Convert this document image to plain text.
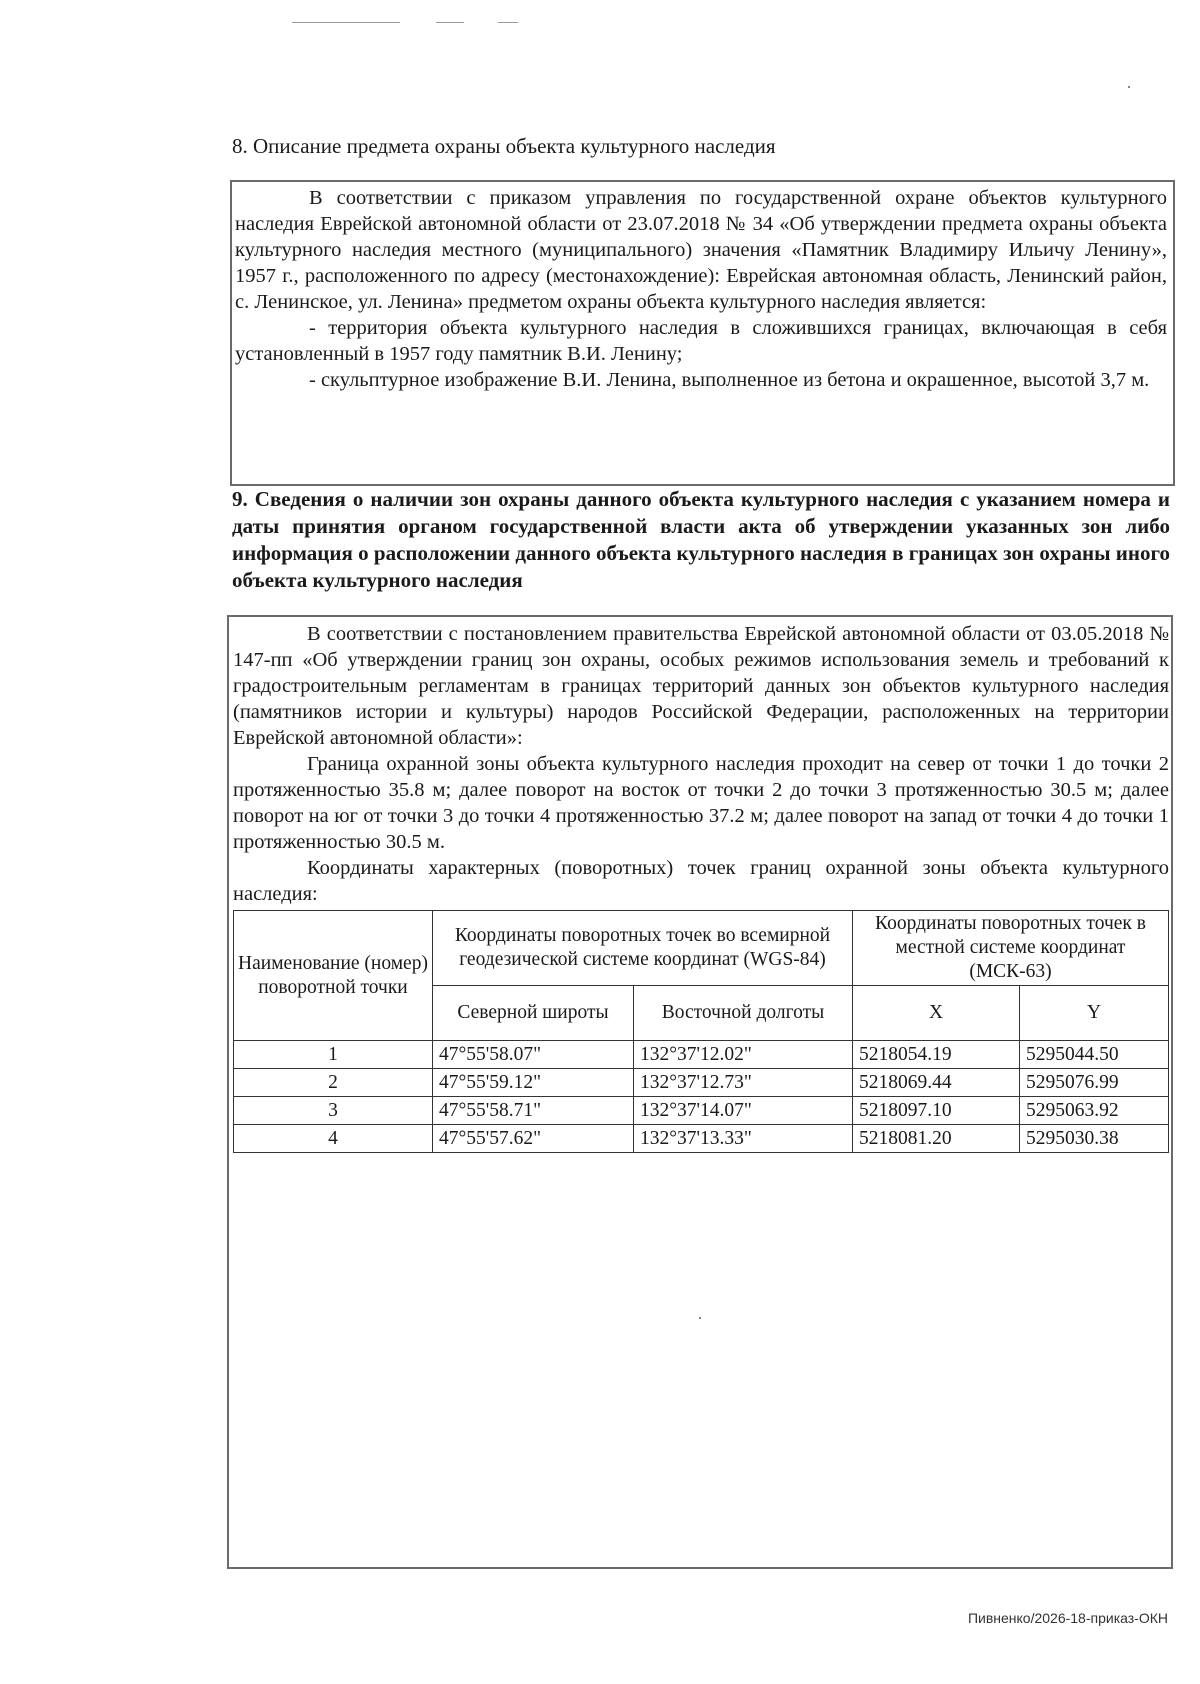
8. Описание предмета охраны объекта культурного наследия

В соответствии с приказом управления по государственной охране объектов культурного наследия Еврейской автономной области от 23.07.2018 № 34 «Об утверждении предмета охраны объекта культурного наследия местного (муниципального) значения «Памятник Владимиру Ильичу Ленину», 1957 г., расположенного по адресу (местонахождение): Еврейская автономная область, Ленинский район, с. Ленинское, ул. Ленина» предметом охраны объекта культурного наследия является:

- территория объекта культурного наследия в сложившихся границах, включающая в себя установленный в 1957 году памятник В.И. Ленину;

- скульптурное изображение В.И. Ленина, выполненное из бетона и окрашенное, высотой 3,7 м.

9. Сведения о наличии зон охраны данного объекта культурного наследия с указанием номера и даты принятия органом государственной власти акта об утверждении указанных зон либо информация о расположении данного объекта культурного наследия в границах зон охраны иного объекта культурного наследия

В соответствии с постановлением правительства Еврейской автономной области от 03.05.2018 № 147-пп «Об утверждении границ зон охраны, особых режимов использования земель и требований к градостроительным регламентам в границах территорий данных зон объектов культурного наследия (памятников истории и культуры) народов Российской Федерации, расположенных на территории Еврейской автономной области»:

Граница охранной зоны объекта культурного наследия проходит на север от точки 1 до точки 2 протяженностью 35.8 м; далее поворот на восток от точки 2 до точки 3 протяженностью 30.5 м; далее поворот на юг от точки 3 до точки 4 протяженностью 37.2 м; далее поворот на запад от точки 4 до точки 1 протяженностью 30.5 м.

Координаты характерных (поворотных) точек границ охранной зоны объекта культурного наследия:

Наименование (номер) поворотной точки	Координаты поворотных точек во всемирной геодезической системе координат (WGS-84)		Координаты поворотных точек в местной системе координат (МСК-63)	
	Северной широты	Восточной долготы	X	Y
1	47°55'58.07"	132°37'12.02"	5218054.19	5295044.50
2	47°55'59.12"	132°37'12.73"	5218069.44	5295076.99
3	47°55'58.71"	132°37'14.07"	5218097.10	5295063.92
4	47°55'57.62"	132°37'13.33"	5218081.20	5295030.38
Пивненко/2026-18-приказ-ОКН
